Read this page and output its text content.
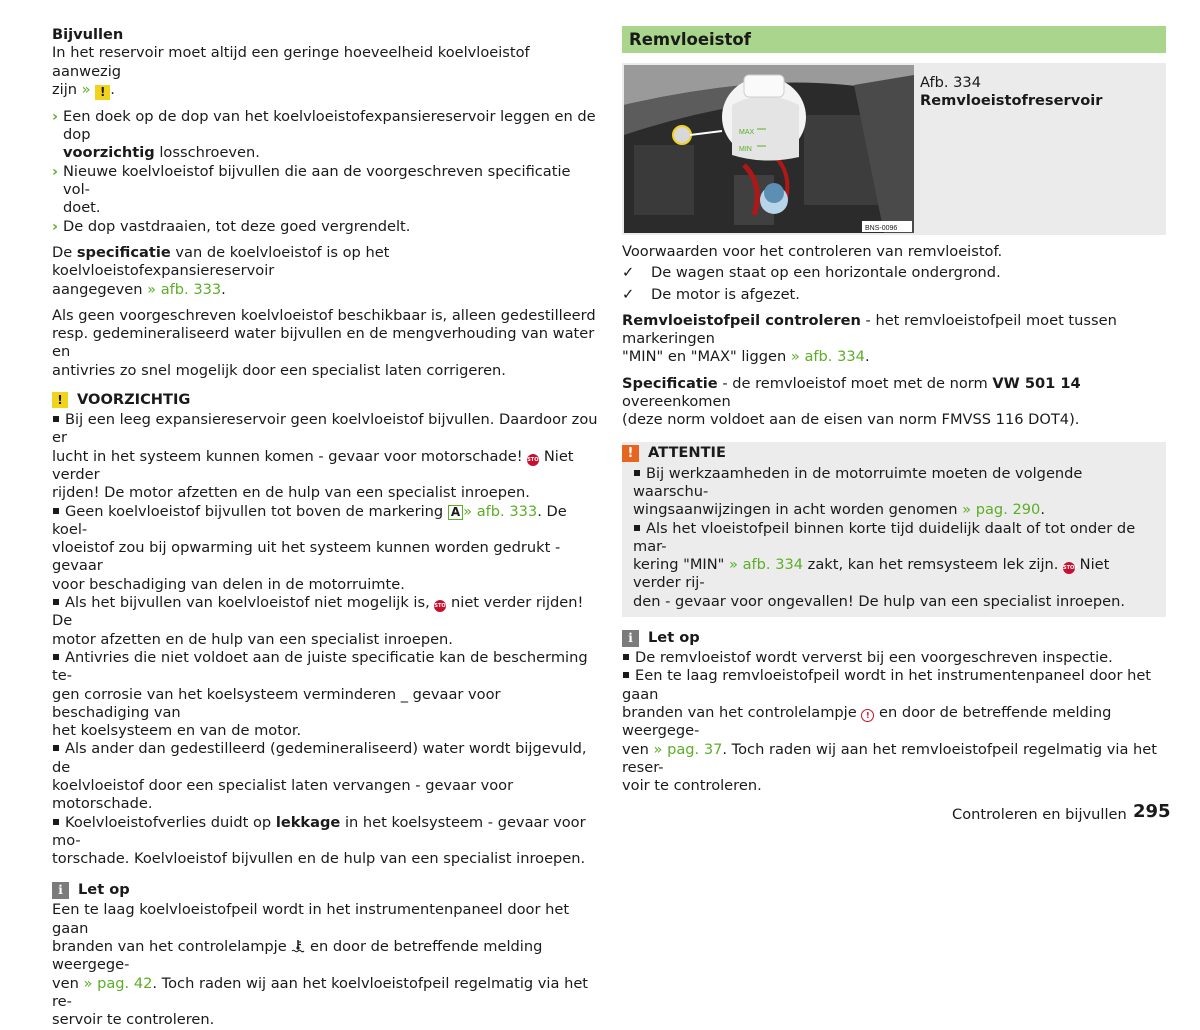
Bijvullen

In het reservoir moet altijd een geringe hoeveelheid koelvloeistof aanwezig

zijn » ! .

› Een doek op de dop van het koelvloeistofexpansiereservoir leggen en de dop

voorzichtig losschroeven.

› Nieuwe koelvloeistof bijvullen die aan de voorgeschreven specificatie vol-

doet.

› De dop vastdraaien, tot deze goed vergrendelt.

De specificatie van de koelvloeistof is op het koelvloeistofexpansiereservoir

aangegeven » afb. 333.

Als geen voorgeschreven koelvloeistof beschikbaar is, alleen gedestilleerd

resp. gedemineraliseerd water bijvullen en de mengverhouding van water en

antivries zo snel mogelijk door een specialist laten corrigeren.

! VOORZICHTIG

Bij een leeg expansiereservoir geen koelvloeistof bijvullen. Daardoor zou er

lucht in het systeem kunnen komen - gevaar voor motorschade! STOP Niet verder

rijden! De motor afzetten en de hulp van een specialist inroepen.

Geen koelvloeistof bijvullen tot boven de markering A » afb. 333. De koel-

vloeistof zou bij opwarming uit het systeem kunnen worden gedrukt - gevaar

voor beschadiging van delen in de motorruimte.

Als het bijvullen van koelvloeistof niet mogelijk is, STOP niet verder rijden! De

motor afzetten en de hulp van een specialist inroepen.

Antivries die niet voldoet aan de juiste specificatie kan de bescherming te-

gen corrosie van het koelsysteem verminderen _ gevaar voor beschadiging van

het koelsysteem en van de motor.

Als ander dan gedestilleerd (gedemineraliseerd) water wordt bijgevuld, de

koelvloeistof door een specialist laten vervangen - gevaar voor motorschade.

Koelvloeistofverlies duidt op lekkage in het koelsysteem - gevaar voor mo-

torschade. Koelvloeistof bijvullen en de hulp van een specialist inroepen.

i	Let op

Een te laag koelvloeistofpeil wordt in het instrumentenpaneel door het gaan

branden van het controlelampje  en door de betreffende melding weergege-

ven » pag. 42. Toch raden wij aan het koelvloeistofpeil regelmatig via het re-

servoir te controleren.

Remvloeistof
MAX
MIN
BNS-0096

Afb. 334

Remvloeistofreservoir

Voorwaarden voor het controleren van remvloeistof.

✓ De wagen staat op een horizontale ondergrond.

✓ De motor is afgezet.

Remvloeistofpeil controleren - het remvloeistofpeil moet tussen markeringen

"MIN" en "MAX" liggen » afb. 334.

Specificatie - de remvloeistof moet met de norm VW 501 14 overeenkomen

(deze norm voldoet aan de eisen van norm FMVSS 116 DOT4).

! ATTENTIE

Bij werkzaamheden in de motorruimte moeten de volgende waarschu-

wingsaanwijzingen in acht worden genomen » pag. 290.

Als het vloeistofpeil binnen korte tijd duidelijk daalt of tot onder de mar-

kering "MIN" » afb. 334 zakt, kan het remsysteem lek zijn. STOP Niet verder rij-

den - gevaar voor ongevallen! De hulp van een specialist inroepen.

i	Let op

De remvloeistof wordt ververst bij een voorgeschreven inspectie.

Een te laag remvloeistofpeil wordt in het instrumentenpaneel door het gaan

branden van het controlelampje ! en door de betreffende melding weergege-

ven » pag. 37. Toch raden wij aan het remvloeistofpeil regelmatig via het reser-

voir te controleren.

Controleren en bijvullen 295
